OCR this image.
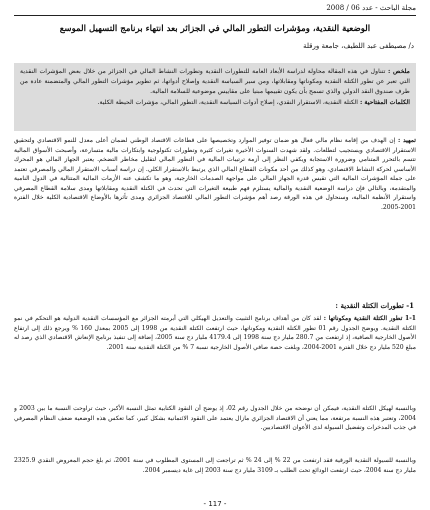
مجلة الباحث - عدد 06 / 2008
الوضعية النقدية، ومؤشرات التطور المالي في الجزائر بعد انتهاء برنامج التسهيل الموسع
د/ مصيطفى عبد اللطيف، جامعة ورقلة

ملخص : تتناول في هذه المقالة محاولة لدراسة الأبعاد العامة للتطورات النقدية وتطورات النشاط المالي في الجزائر من خلال بعض المؤشرات النقدية التي تعبر عن تطور الكتلة النقدية ومكوناتها ومقابلاتها، ومن سير السياسة النقدية وإصلاح أدواتها، ثم تطوير مؤشرات التطور المالي والمتضمنة عادة من طرف صندوق النقد الدولي والذي تسمح بأن يكون تقييمها مبنيا على مقاييس موضوعية للسلامة المالية.

الكلمات المفتاحية : الكتلة النقدية، الاستقرار النقدي، إصلاح أدوات السياسة النقدية، التطور المالي، مؤشرات الحيطة الكلية.

تمهيد : إن الهدف من إقامة نظام مالي فعال هو ضمان توفير الموارد وتخصيصها على قطاعات الاقتصاد الوطني لضمان أعلى معدل للنمو الاقتصادي ولتحقيق الاستقرار الاقتصادي ويستجيب لتطلعات. ولقد شهدت السنوات الأخيرة تغيرات كثيرة وتطورات تكنولوجية وابتكارات مالية متسارعة، وأصبحت الأسواق المالية تتسم بالتحرر المتنامي وضرورة الاستجابة ويكفي النظر إلى أزمة ترتيبات المالية في التطور المالي لتقليل مخاطر التضخم. يعتبر الجهاز المالي هو المحرك الأساسي لحركة النشاط الاقتصادي، وهو كذلك من أحد مكونات القطاع المالي الذي يرتبط بالاستقرار الكلي. إن دراسة أسباب الاستقرار المالي والمصرفي تعتمد على جملة المؤشرات المالية التي تقيس قدرة الجهاز المالي على مواجهة الصدمات الخارجية، وهو ما تكشف عنه الأزمات المالية المتتالية في الدول النامية والمتقدمة، وبالتالي فإن دراسة الوضعية النقدية والمالية يستلزم فهم طبيعة التغيرات التي تحدث في الكتلة النقدية ومقابلاتها ومدى سلامة القطاع المصرفي واستقرار الأنظمة المالية، وسنحاول في هذه الورقة رصد أهم مؤشرات التطور المالي للاقتصاد الجزائري ومدى تأثرها بالأوضاع الاقتصادية الكلية خلال الفترة 2001-2005.

1- تطورات الكتلة النقدية :

1-1 تطور الكتلة النقدية ومكوناتها : لقد كان من أهداف برنامج التثبيت والتعديل الهيكلي التي أبرمته الجزائر مع المؤسسات النقدية الدولية هو التحكم في نمو الكتلة النقدية. ويوضح الجدول رقم 01 تطور الكتلة النقدية ومكوناتها، حيث ارتفعت الكتلة النقدية من 1998 إلى 2005 بمعدل 160 % ويرجع ذلك إلى ارتفاع الأصول الخارجية الصافية، إذ ارتفعت من 280.7 مليار دج سنة 1998 إلى 4179.4 مليار دج سنة 2005، إضافة إلى تنفيذ برنامج الإنعاش الاقتصادي الذي رصد له مبلغ 520 مليار دج خلال الفترة 2001-2004، وبلغت حصة صافي الأصول الخارجية نسبة 7 % من الكتلة النقدية سنة 2001.

وبالنسبة لهيكل الكتلة النقدية، فيمكن أن نوضحه من خلال الجدول رقم 02، إذ يوضح أن النقود الكتابية تمثل النسبة الأكبر، حيث تراوحت النسبة ما بين 2003 و 2004، وتعتبر هذه النسبة مرتفعة، مما يعني أن الاقتصاد الجزائري مازال يعتمد على النقود الائتمانية بشكل كبير، كما تعكس هذه الوضعية ضعف النظام المصرفي في جذب المدخرات وتفضيل السيولة لدى الأعوان الاقتصاديين.

وبالنسبة للسيولة النقدية الورقية فقد ارتفعت من 22 % إلى 24 % ثم تراجعت إلى المستوى المطلوب في سنة 2001، ثم بلغ حجم المعروض النقدي 2325.9 مليار دج سنة 2004، حيث ارتفعت الودائع تحت الطلب بـ 3109 مليار دج سنة 2003 إلى غاية ديسمبر 2004.

- 117 -
